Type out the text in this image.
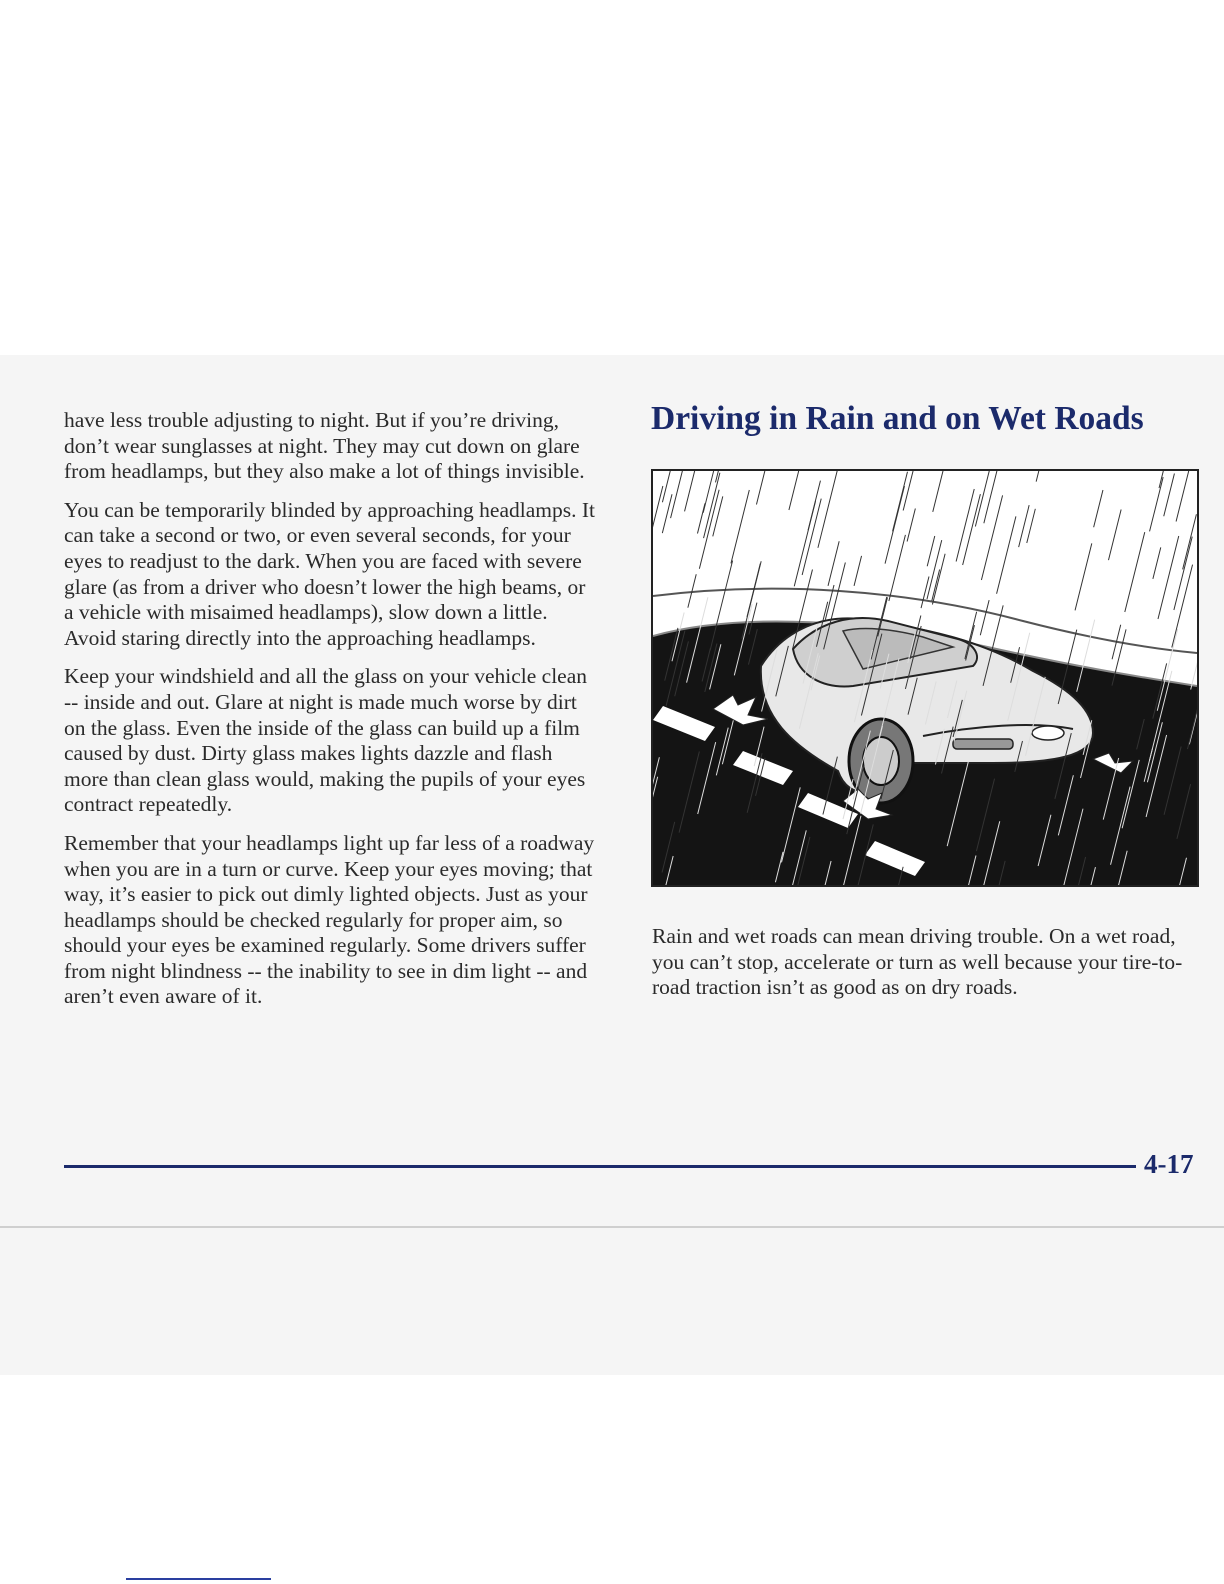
have less trouble adjusting to night. But if you’re driving, don’t wear sunglasses at night. They may cut down on glare from headlamps, but they also make a lot of things invisible.

You can be temporarily blinded by approaching headlamps. It can take a second or two, or even several seconds, for your eyes to readjust to the dark. When you are faced with severe glare (as from a driver who doesn’t lower the high beams, or a vehicle with misaimed headlamps), slow down a little. Avoid staring directly into the approaching headlamps.

Keep your windshield and all the glass on your vehicle clean -- inside and out. Glare at night is made much worse by dirt on the glass. Even the inside of the glass can build up a film caused by dust. Dirty glass makes lights dazzle and flash more than clean glass would, making the pupils of your eyes contract repeatedly.

Remember that your headlamps light up far less of a roadway when you are in a turn or curve. Keep your eyes moving; that way, it’s easier to pick out dimly lighted objects. Just as your headlamps should be checked regularly for proper aim, so should your eyes be examined regularly. Some drivers suffer from night blindness -- the inability to see in dim light -- and aren’t even aware of it.

Driving in Rain and on Wet Roads

Rain and wet roads can mean driving trouble. On a wet road, you can’t stop, accelerate or turn as well because your tire-to-road traction isn’t as good as on dry roads.

4-17
